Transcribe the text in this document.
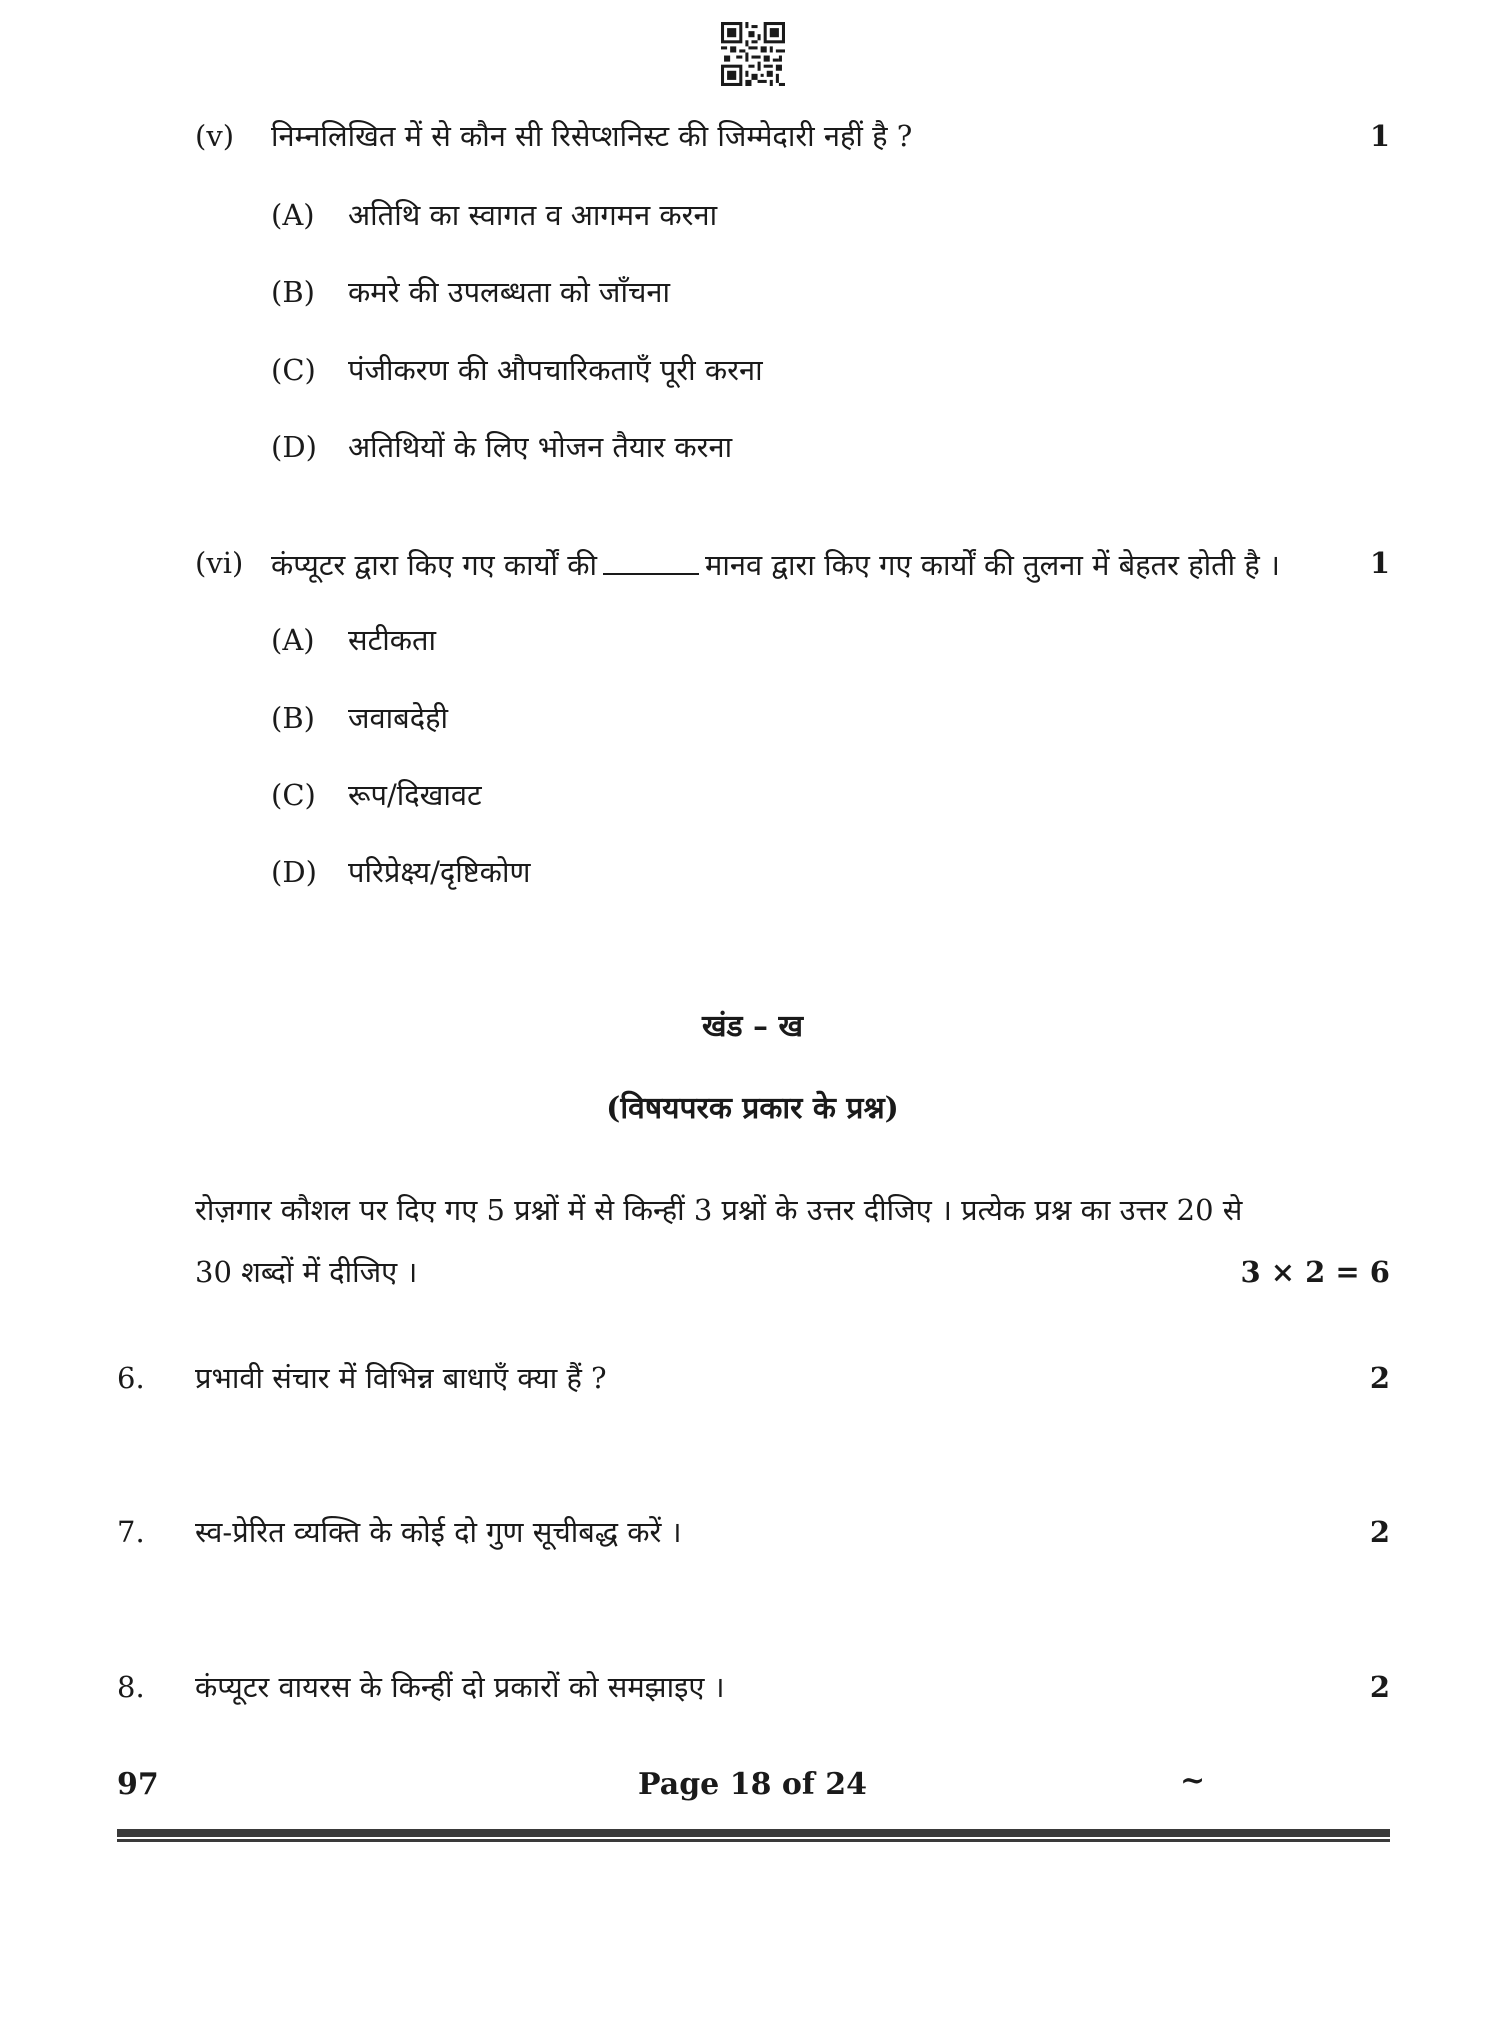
(v) निम्नलिखित में से कौन सी रिसेप्शनिस्ट की जिम्मेदारी नहीं है ?	1
(A) अतिथि का स्वागत व आगमन करना
(B) कमरे की उपलब्धता को जाँचना
(C) पंजीकरण की औपचारिकताएँ पूरी करना
(D) अतिथियों के लिए भोजन तैयार करना
(vi) कंप्यूटर द्वारा किए गए कार्यों की	मानव द्वारा किए गए कार्यों की तुलना में बेहतर होती है ।	1
(A) सटीकता
(B) जवाबदेही
(C) रूप/दिखावट
(D) परिप्रेक्ष्य/दृष्टिकोण
खंड – ख
(विषयपरक प्रकार के प्रश्न)
रोज़गार कौशल पर दिए गए 5 प्रश्नों में से किन्हीं 3 प्रश्नों के उत्तर दीजिए । प्रत्येक प्रश्न का उत्तर 20 से
30 शब्दों में दीजिए ।	3 × 2 = 6
6. प्रभावी संचार में विभिन्न बाधाएँ क्या हैं ?	2
7. स्व-प्रेरित व्यक्ति के कोई दो गुण सूचीबद्ध करें ।	2
8. कंप्यूटर वायरस के किन्हीं दो प्रकारों को समझाइए ।	2
97	Page 18 of 24	~
